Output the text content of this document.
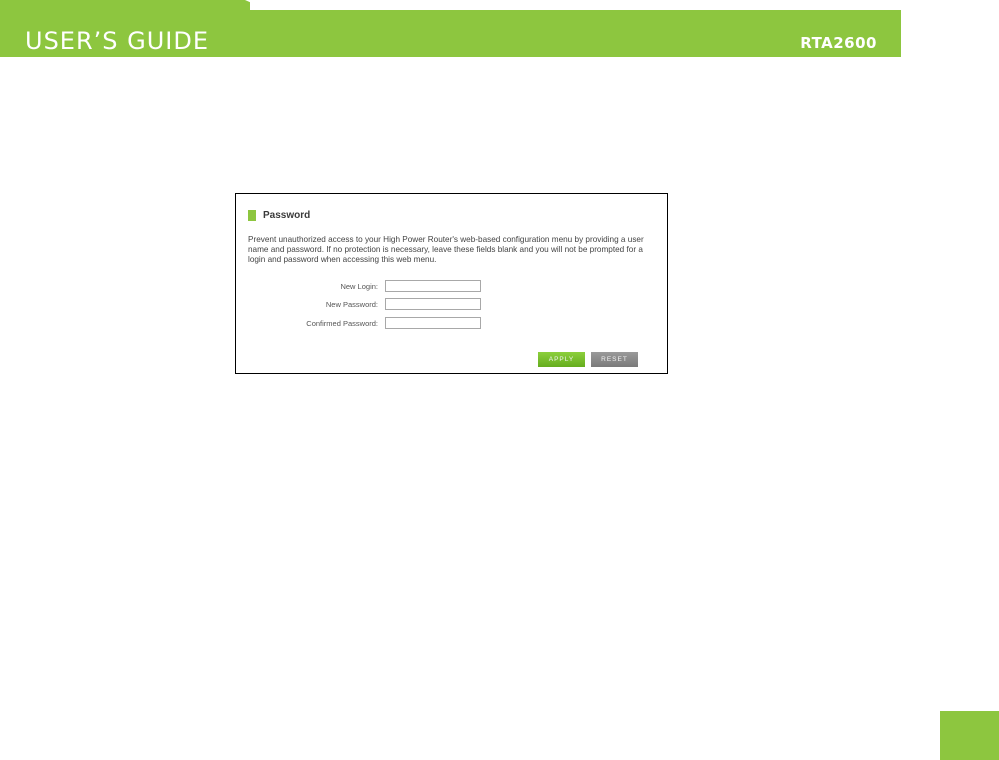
USER’S GUIDE	RTA2600
Password
Prevent unauthorized access to your High Power Router's web-based configuration menu by providing a user name and password. If no protection is necessary, leave these fields blank and you will not be prompted for a login and password when accessing this web menu.
New Login:
New Password:
Confirmed Password:
APPLY	RESET
